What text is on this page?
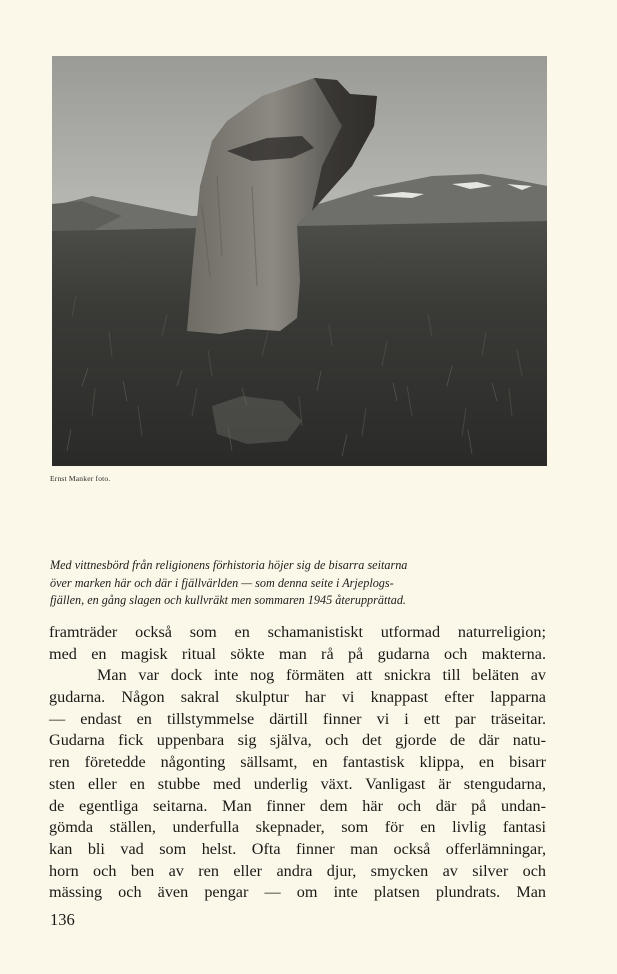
Ernst Manker foto.
Med vittnesbörd från religionens förhistoria höjer sig de bisarra seitarna
över marken här och där i fjällvärlden — som denna seite i Arjeplogs-
fjällen, en gång slagen och kullvräkt men sommaren 1945 återupprättad.
framträder också som en schamanistiskt utformad naturreligion;
med en magisk ritual sökte man rå på gudarna och makterna.
Man var dock inte nog förmäten att snickra till beläten av
gudarna. Någon sakral skulptur har vi knappast efter lapparna
— endast en tillstymmelse därtill finner vi i ett par träseitar.
Gudarna fick uppenbara sig själva, och det gjorde de där natu-
ren företedde någonting sällsamt, en fantastisk klippa, en bisarr
sten eller en stubbe med underlig växt. Vanligast är stengudarna,
de egentliga seitarna. Man finner dem här och där på undan-
gömda ställen, underfulla skepnader, som för en livlig fantasi
kan bli vad som helst. Ofta finner man också offerlämningar,
horn och ben av ren eller andra djur, smycken av silver och
mässing och även pengar — om inte platsen plundrats. Man
136
